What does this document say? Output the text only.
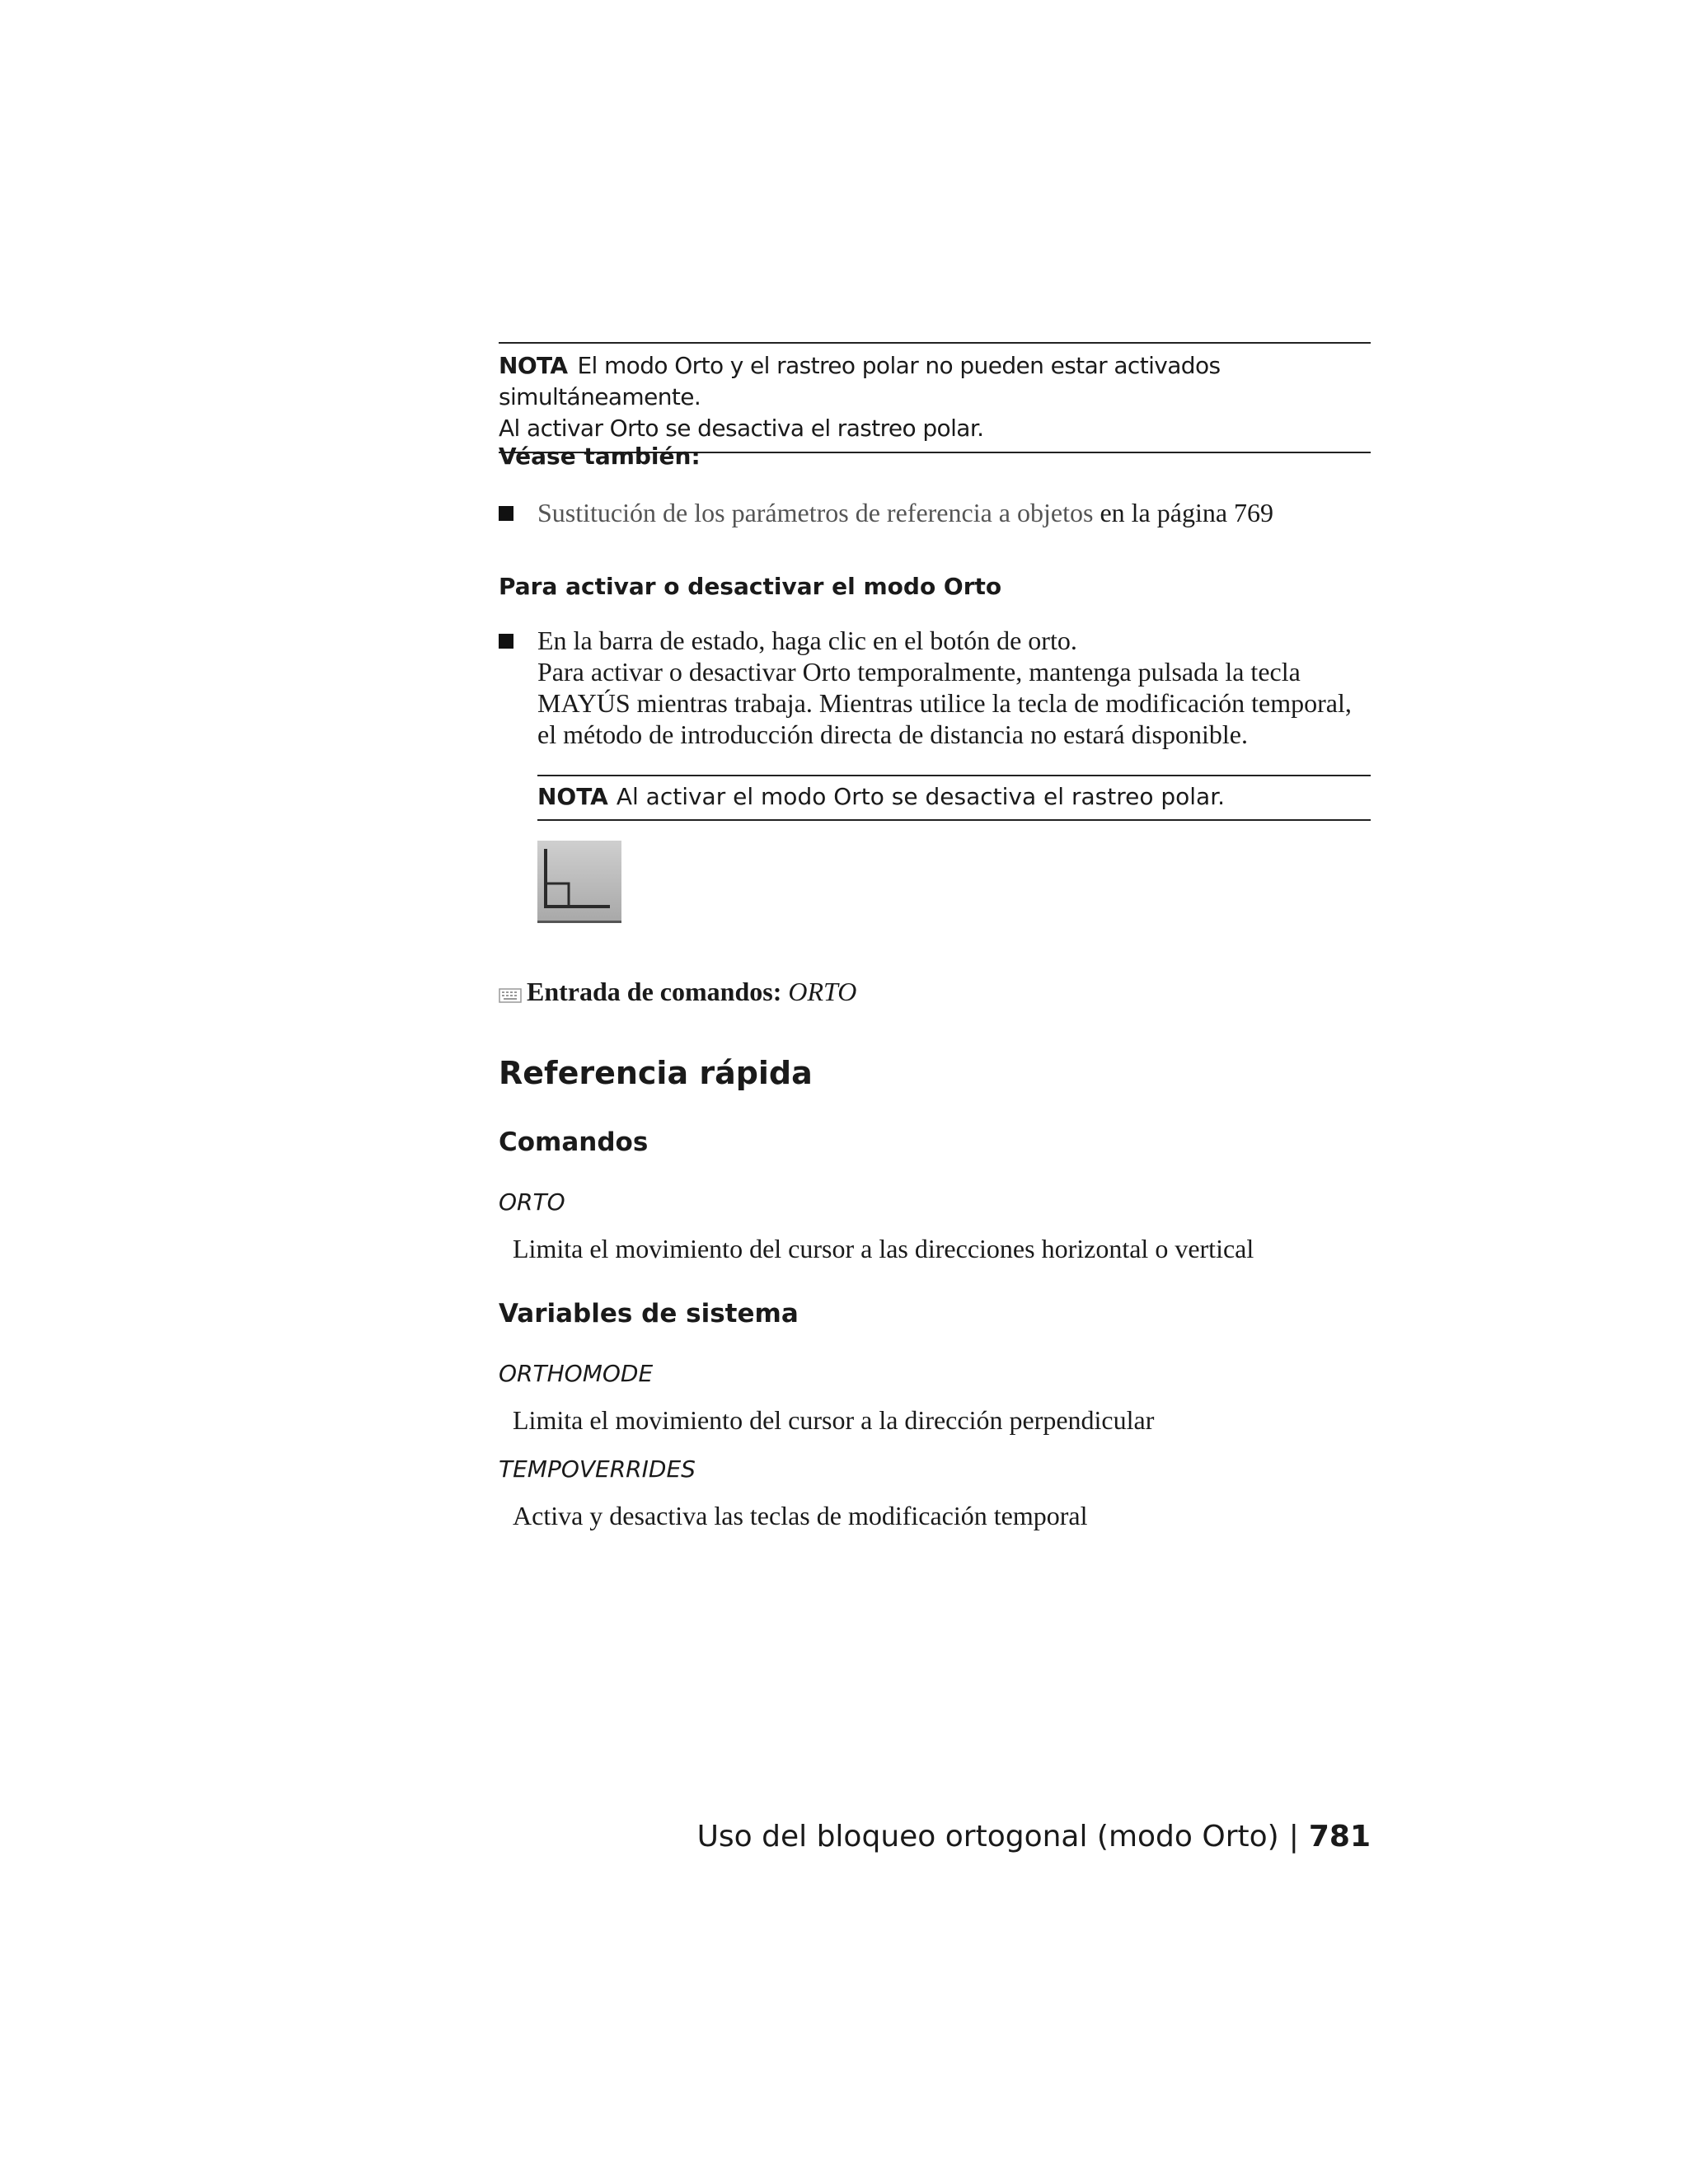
NOTA El modo Orto y el rastreo polar no pueden estar activados simultáneamente.
Al activar Orto se desactiva el rastreo polar.
Véase también:
Sustitución de los parámetros de referencia a objetos en la página 769
Para activar o desactivar el modo Orto
En la barra de estado, haga clic en el botón de orto.
Para activar o desactivar Orto temporalmente, mantenga pulsada la tecla
MAYÚS mientras trabaja. Mientras utilice la tecla de modificación temporal,
el método de introducción directa de distancia no estará disponible.
NOTA Al activar el modo Orto se desactiva el rastreo polar.
Entrada de comandos: ORTO
Referencia rápida
Comandos
ORTO
Limita el movimiento del cursor a las direcciones horizontal o vertical
Variables de sistema
ORTHOMODE
Limita el movimiento del cursor a la dirección perpendicular
TEMPOVERRIDES
Activa y desactiva las teclas de modificación temporal
Uso del bloqueo ortogonal (modo Orto) | 781
